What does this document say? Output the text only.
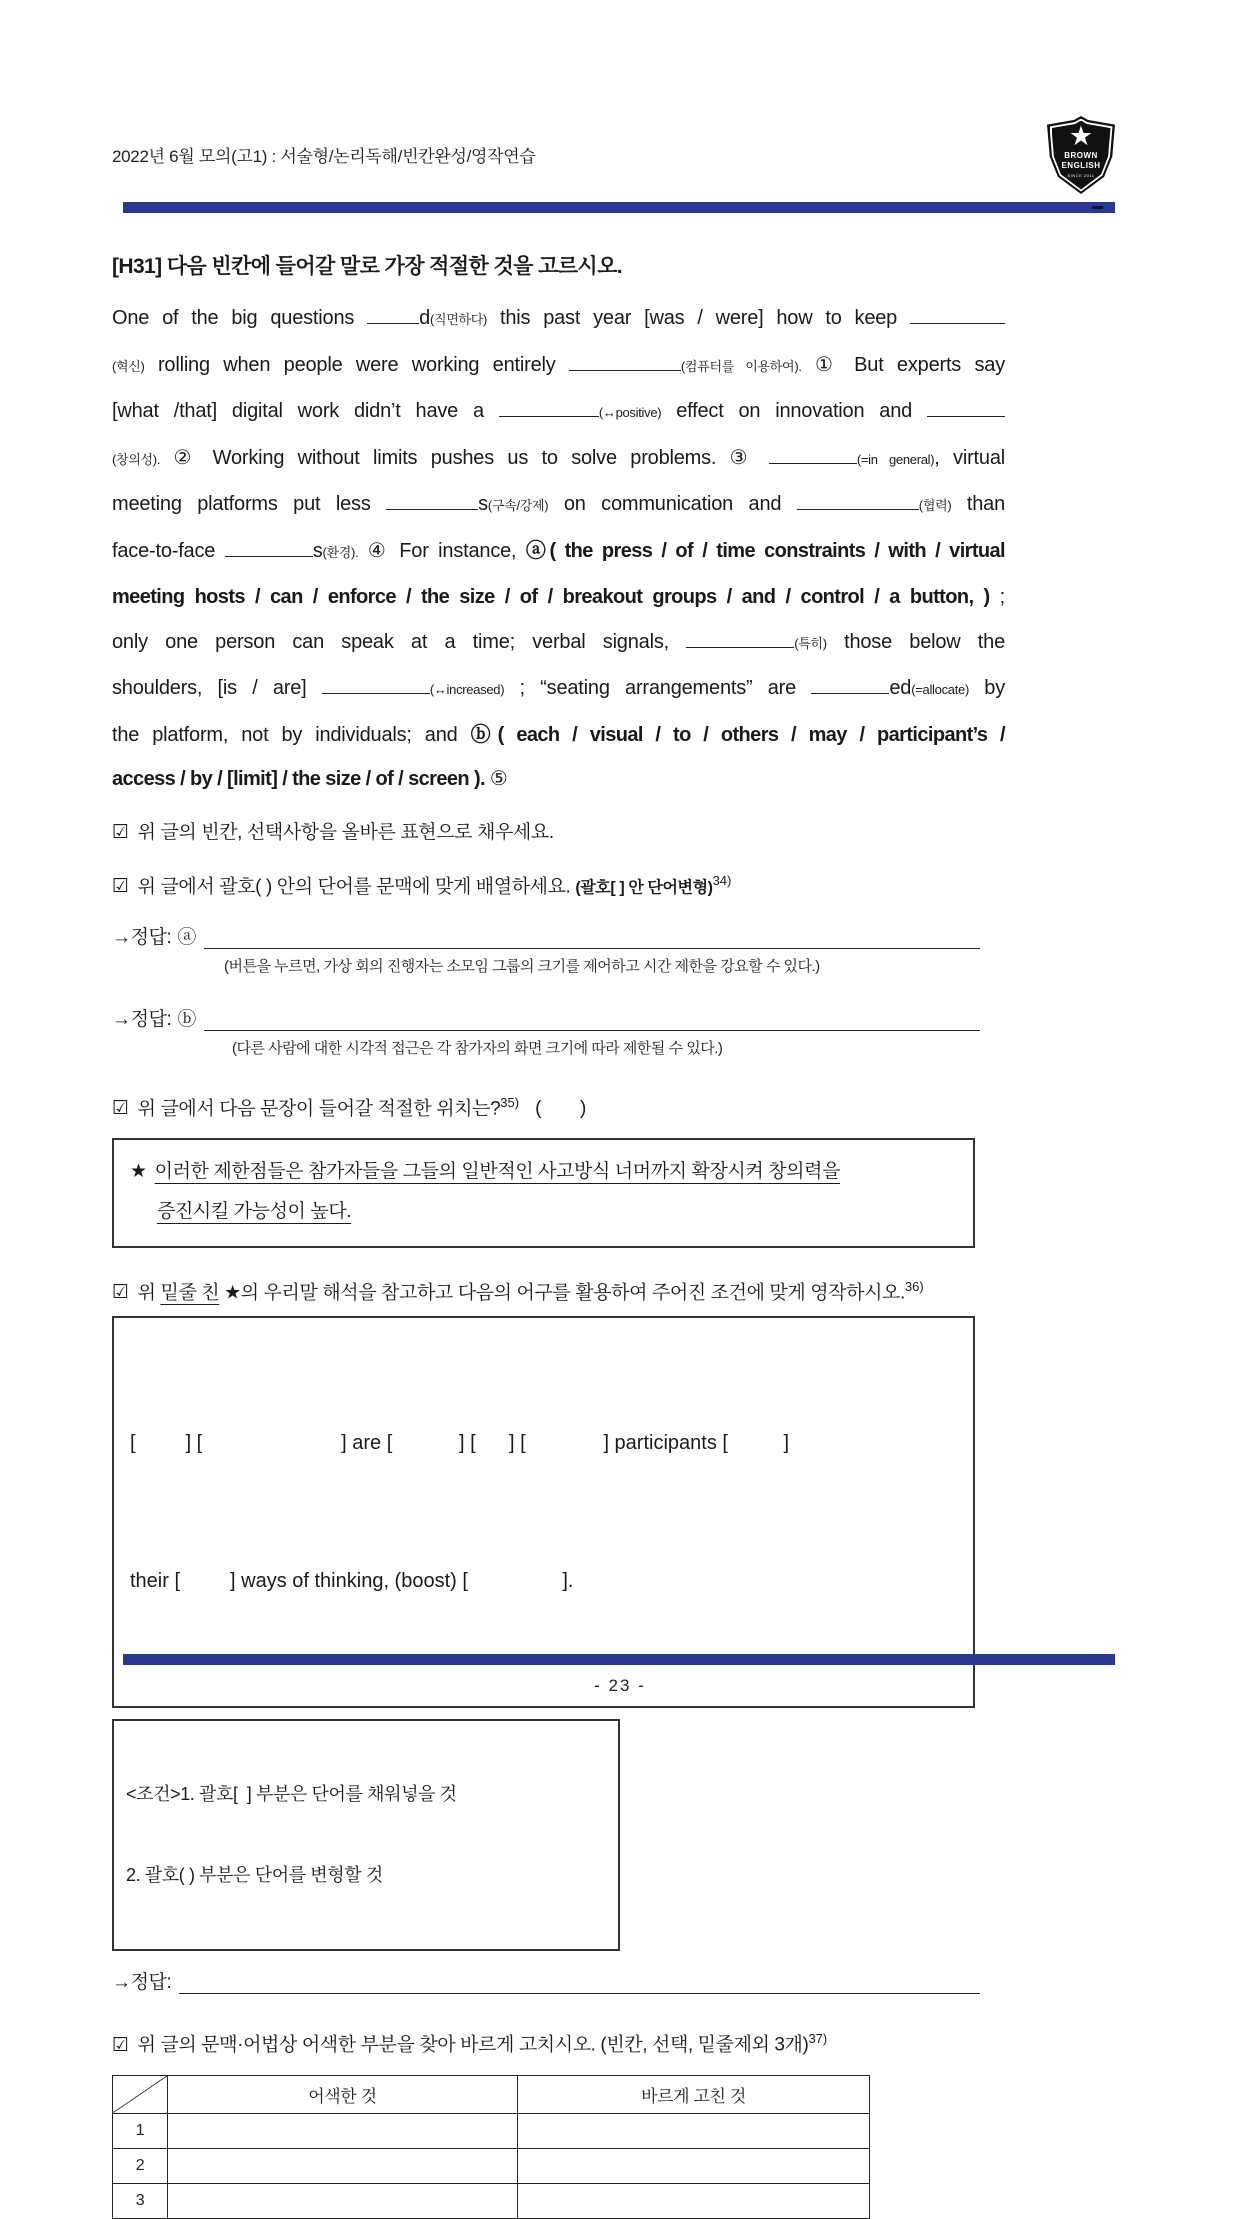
2022년 6월 모의(고1) : 서술형/논리독해/빈칸완성/영작연습
★
BROWN
ENGLISH
SINCE 2011
[H31] 다음 빈칸에 들어갈 말로 가장 적절한 것을 고르시오.
One of the big questions	d(직면하다) this past year [was / were] how to keep
(혁신) rolling when people were working entirely	(컴퓨터를 이용하여). ① But experts say
[what /that] digital work didn’t have a	(↔positive) effect on innovation and
(창의성). ② Working without limits pushes us to solve problems. ③	(=in general), virtual
meeting platforms put less	s(구속/강제) on communication and	(협력) than
face-to-face	s(환경). ④ For instance, ⓐ( the press / of / time constraints / with / virtual
meeting hosts / can / enforce / the size / of / breakout groups / and / control / a button, ) ;
only one person can speak at a time; verbal signals,	(특히) those below the
shoulders, [is / are]	(↔increased) ; “seating arrangements” are	ed(=allocate) by
the platform, not by individuals; and ⓑ( each / visual / to / others / may / participant’s /
access / by / [limit] / the size / of / screen ). ⑤
☑ 위 글의 빈칸, 선택사항을 올바른 표현으로 채우세요.
☑ 위 글에서 괄호( ) 안의 단어를 문맥에 맞게 배열하세요. (괄호[ ] 안 단어변형)$^{34)}$
→정답: ⓐ
(버튼을 누르면, 가상 회의 진행자는 소모임 그룹의 크기를 제어하고 시간 제한을 강요할 수 있다.)
→정답: ⓑ
(다른 사람에 대한 시각적 접근은 각 참가자의 화면 크기에 따라 제한될 수 있다.)
☑ 위 글에서 다음 문장이 들어갈 적절한 위치는?$^{35)}$ (        )
★ 이러한 제한점들은 참가자들을 그들의 일반적인 사고방식 너머까지 확장시켜 창의력을
증진시킬 가능성이 높다.
☑ 위 밑줄 친 ★의 우리말 해석을 참고하고 다음의 어구를 활용하여 주어진 조건에 맞게 영작하시오.$^{36)}$

[         ] [                         ] are [            ] [      ] [              ] participants [          ]

their [         ] ways of thinking, (boost) [                 ].

<조건>1. 괄호[  ] 부분은 단어를 채워넣을 것

2. 괄호( ) 부분은 단어를 변형할 것

→정답:
☑ 위 글의 문맥·어법상 어색한 부분을 찾아 바르게 고치시오. (빈칸, 선택, 밑줄제외 3개)$^{37)}$
	어색한 것	바르게 고친 것
1		
2		
3		
- 23 -
